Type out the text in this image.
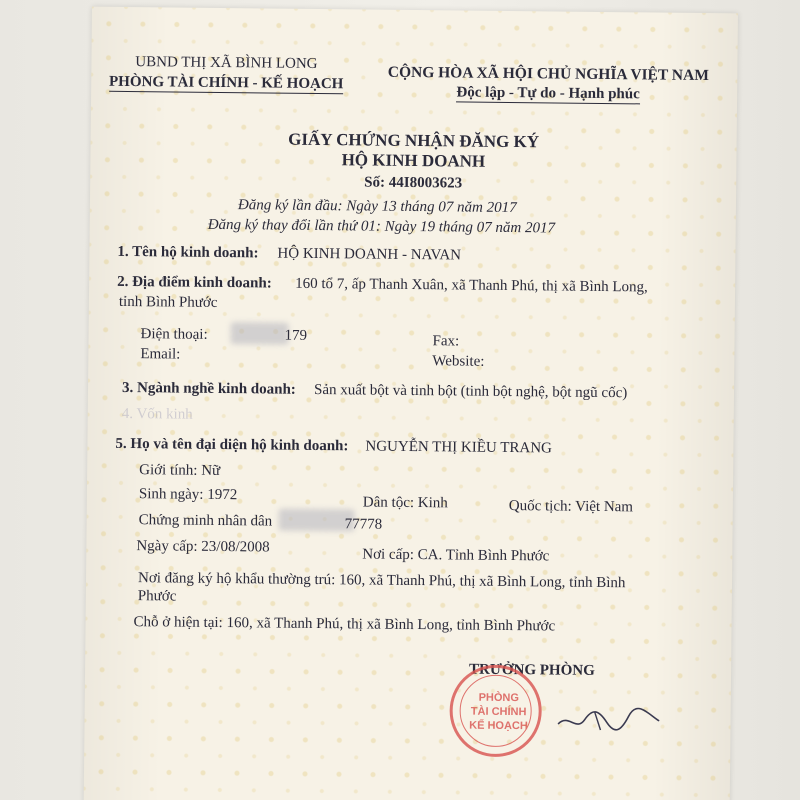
UBND THỊ XÃ BÌNH LONG
PHÒNG TÀI CHÍNH - KẾ HOẠCH	CỘNG HÒA XÃ HỘI CHỦ NGHĨA VIỆT NAM
Độc lập - Tự do - Hạnh phúc
GIẤY CHỨNG NHẬN ĐĂNG KÝ
HỘ KINH DOANH
Số: 44I8003623
Đăng ký lần đầu: Ngày 13 tháng 07 năm 2017
Đăng ký thay đổi lần thứ 01: Ngày 19 tháng 07 năm 2017
1. Tên hộ kinh doanh: HỘ KINH DOANH - NAVAN
2. Địa điểm kinh doanh: 160 tổ 7, ấp Thanh Xuân, xã Thanh Phú, thị xã Bình Long,
tỉnh Bình Phước
Điện thoại:	179	Fax:
Email:	Website:
3. Ngành nghề kinh doanh: Sản xuất bột và tinh bột (tinh bột nghệ, bột ngũ cốc)
4. Vốn kinh
5. Họ và tên đại diện hộ kinh doanh: NGUYỄN THỊ KIỀU TRANG
Giới tính: Nữ
Sinh ngày: 1972	Dân tộc: Kinh	Quốc tịch: Việt Nam
Chứng minh nhân dân	77778
Ngày cấp: 23/08/2008	Nơi cấp: CA. Tỉnh Bình Phước
Nơi đăng ký hộ khẩu thường trú: 160, xã Thanh Phú, thị xã Bình Long, tỉnh Bình
Phước
Chỗ ở hiện tại: 160, xã Thanh Phú, thị xã Bình Long, tỉnh Bình Phước
TRƯỞNG PHÒNG
PHÒNG
TÀI CHÍNH
KẾ HOẠCH
